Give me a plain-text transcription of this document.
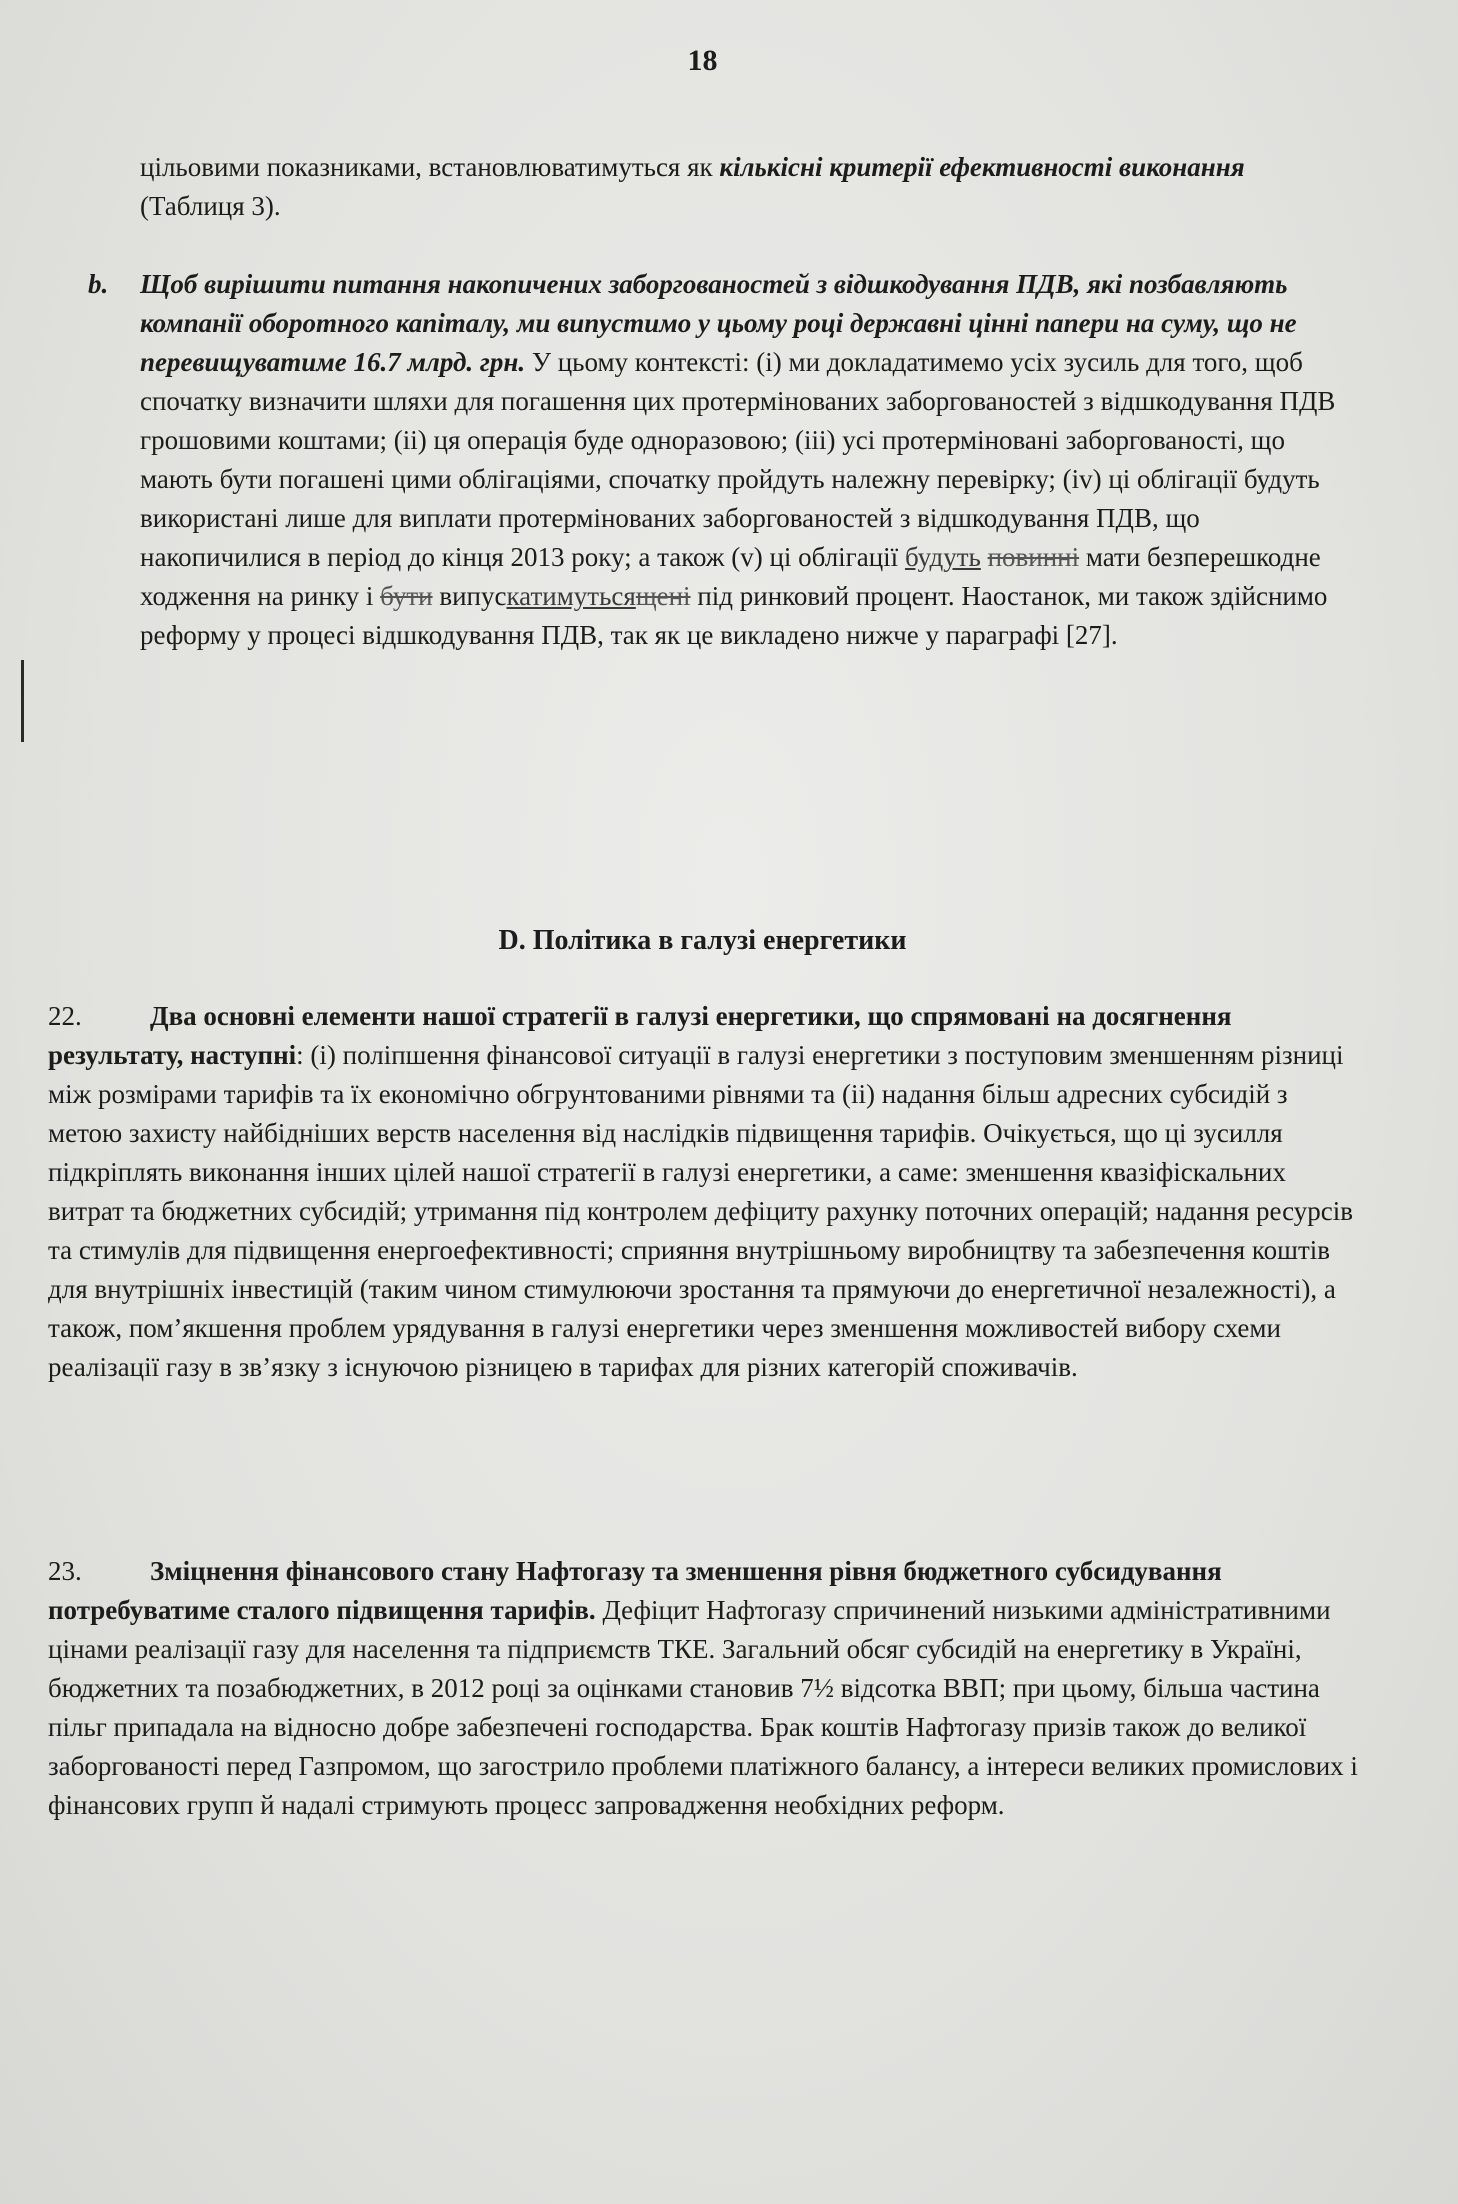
18
цільовими показниками, встановлюватимуться як кількісні критерії ефективності виконання (Таблиця 3).
b. Щоб вирішити питання накопичених заборгованостей з відшкодування ПДВ, які позбавляють компанії оборотного капіталу, ми випустимо у цьому році державні цінні папери на суму, що не перевищуватиме 16.7 млрд. грн. У цьому контексті: (і) ми докладатимемо усіх зусиль для того, щоб спочатку визначити шляхи для погашення цих протермінованих заборгованостей з відшкодування ПДВ грошовими коштами; (ii) ця операція буде одноразовою; (iii) усі протерміновані заборгованості, що мають бути погашені цими облігаціями, спочатку пройдуть належну перевірку; (iv) ці облігації будуть використані лише для виплати протермінованих заборгованостей з відшкодування ПДВ, що накопичилися в період до кінця 2013 року; а також (v) ці облігації будуть повинні мати безперешкодне ходження на ринку і бути випускатимутьсящені під ринковий процент. Наостанок, ми також здійснимо реформу у процесі відшкодування ПДВ, так як це викладено нижче у параграфі [27].
D. Політика в галузі енергетики
22.	Два основні елементи нашої стратегії в галузі енергетики, що спрямовані на досягнення результату, наступні: (і) поліпшення фінансової ситуації в галузі енергетики з поступовим зменшенням різниці між розмірами тарифів та їх економічно обгрунтованими рівнями та (іі) надання більш адресних субсидій з метою захисту найбідніших верств населення від наслідків підвищення тарифів. Очікується, що ці зусилля підкріплять виконання інших цілей нашої стратегії в галузі енергетики, а саме: зменшення квазіфіскальних витрат та бюджетних субсидій; утримання під контролем дефіциту рахунку поточних операцій; надання ресурсів та стимулів для підвищення енергоефективності; сприяння внутрішньому виробництву та забезпечення коштів для внутрішніх інвестицій (таким чином стимулюючи зростання та прямуючи до енергетичної незалежності), а також, пом’якшення проблем урядування в галузі енергетики через зменшення можливостей вибору схеми реалізації газу в зв’язку з існуючою різницею в тарифах для різних категорій споживачів.
23.	Зміцнення фінансового стану Нафтогазу та зменшення рівня бюджетного субсидування потребуватиме сталого підвищення тарифів. Дефіцит Нафтогазу спричинений низькими адміністративними цінами реалізації газу для населення та підприємств ТКЕ. Загальний обсяг субсидій на енергетику в Україні, бюджетних та позабюджетних, в 2012 році за оцінками становив 7½ відсотка ВВП; при цьому, більша частина пільг припадала на відносно добре забезпечені господарства. Брак коштів Нафтогазу призів також до великої заборгованості перед Газпромом, що загострило проблеми платіжного балансу, а інтереси великих промислових і фінансових групп й надалі стримують процесс запровадження необхідних реформ.
